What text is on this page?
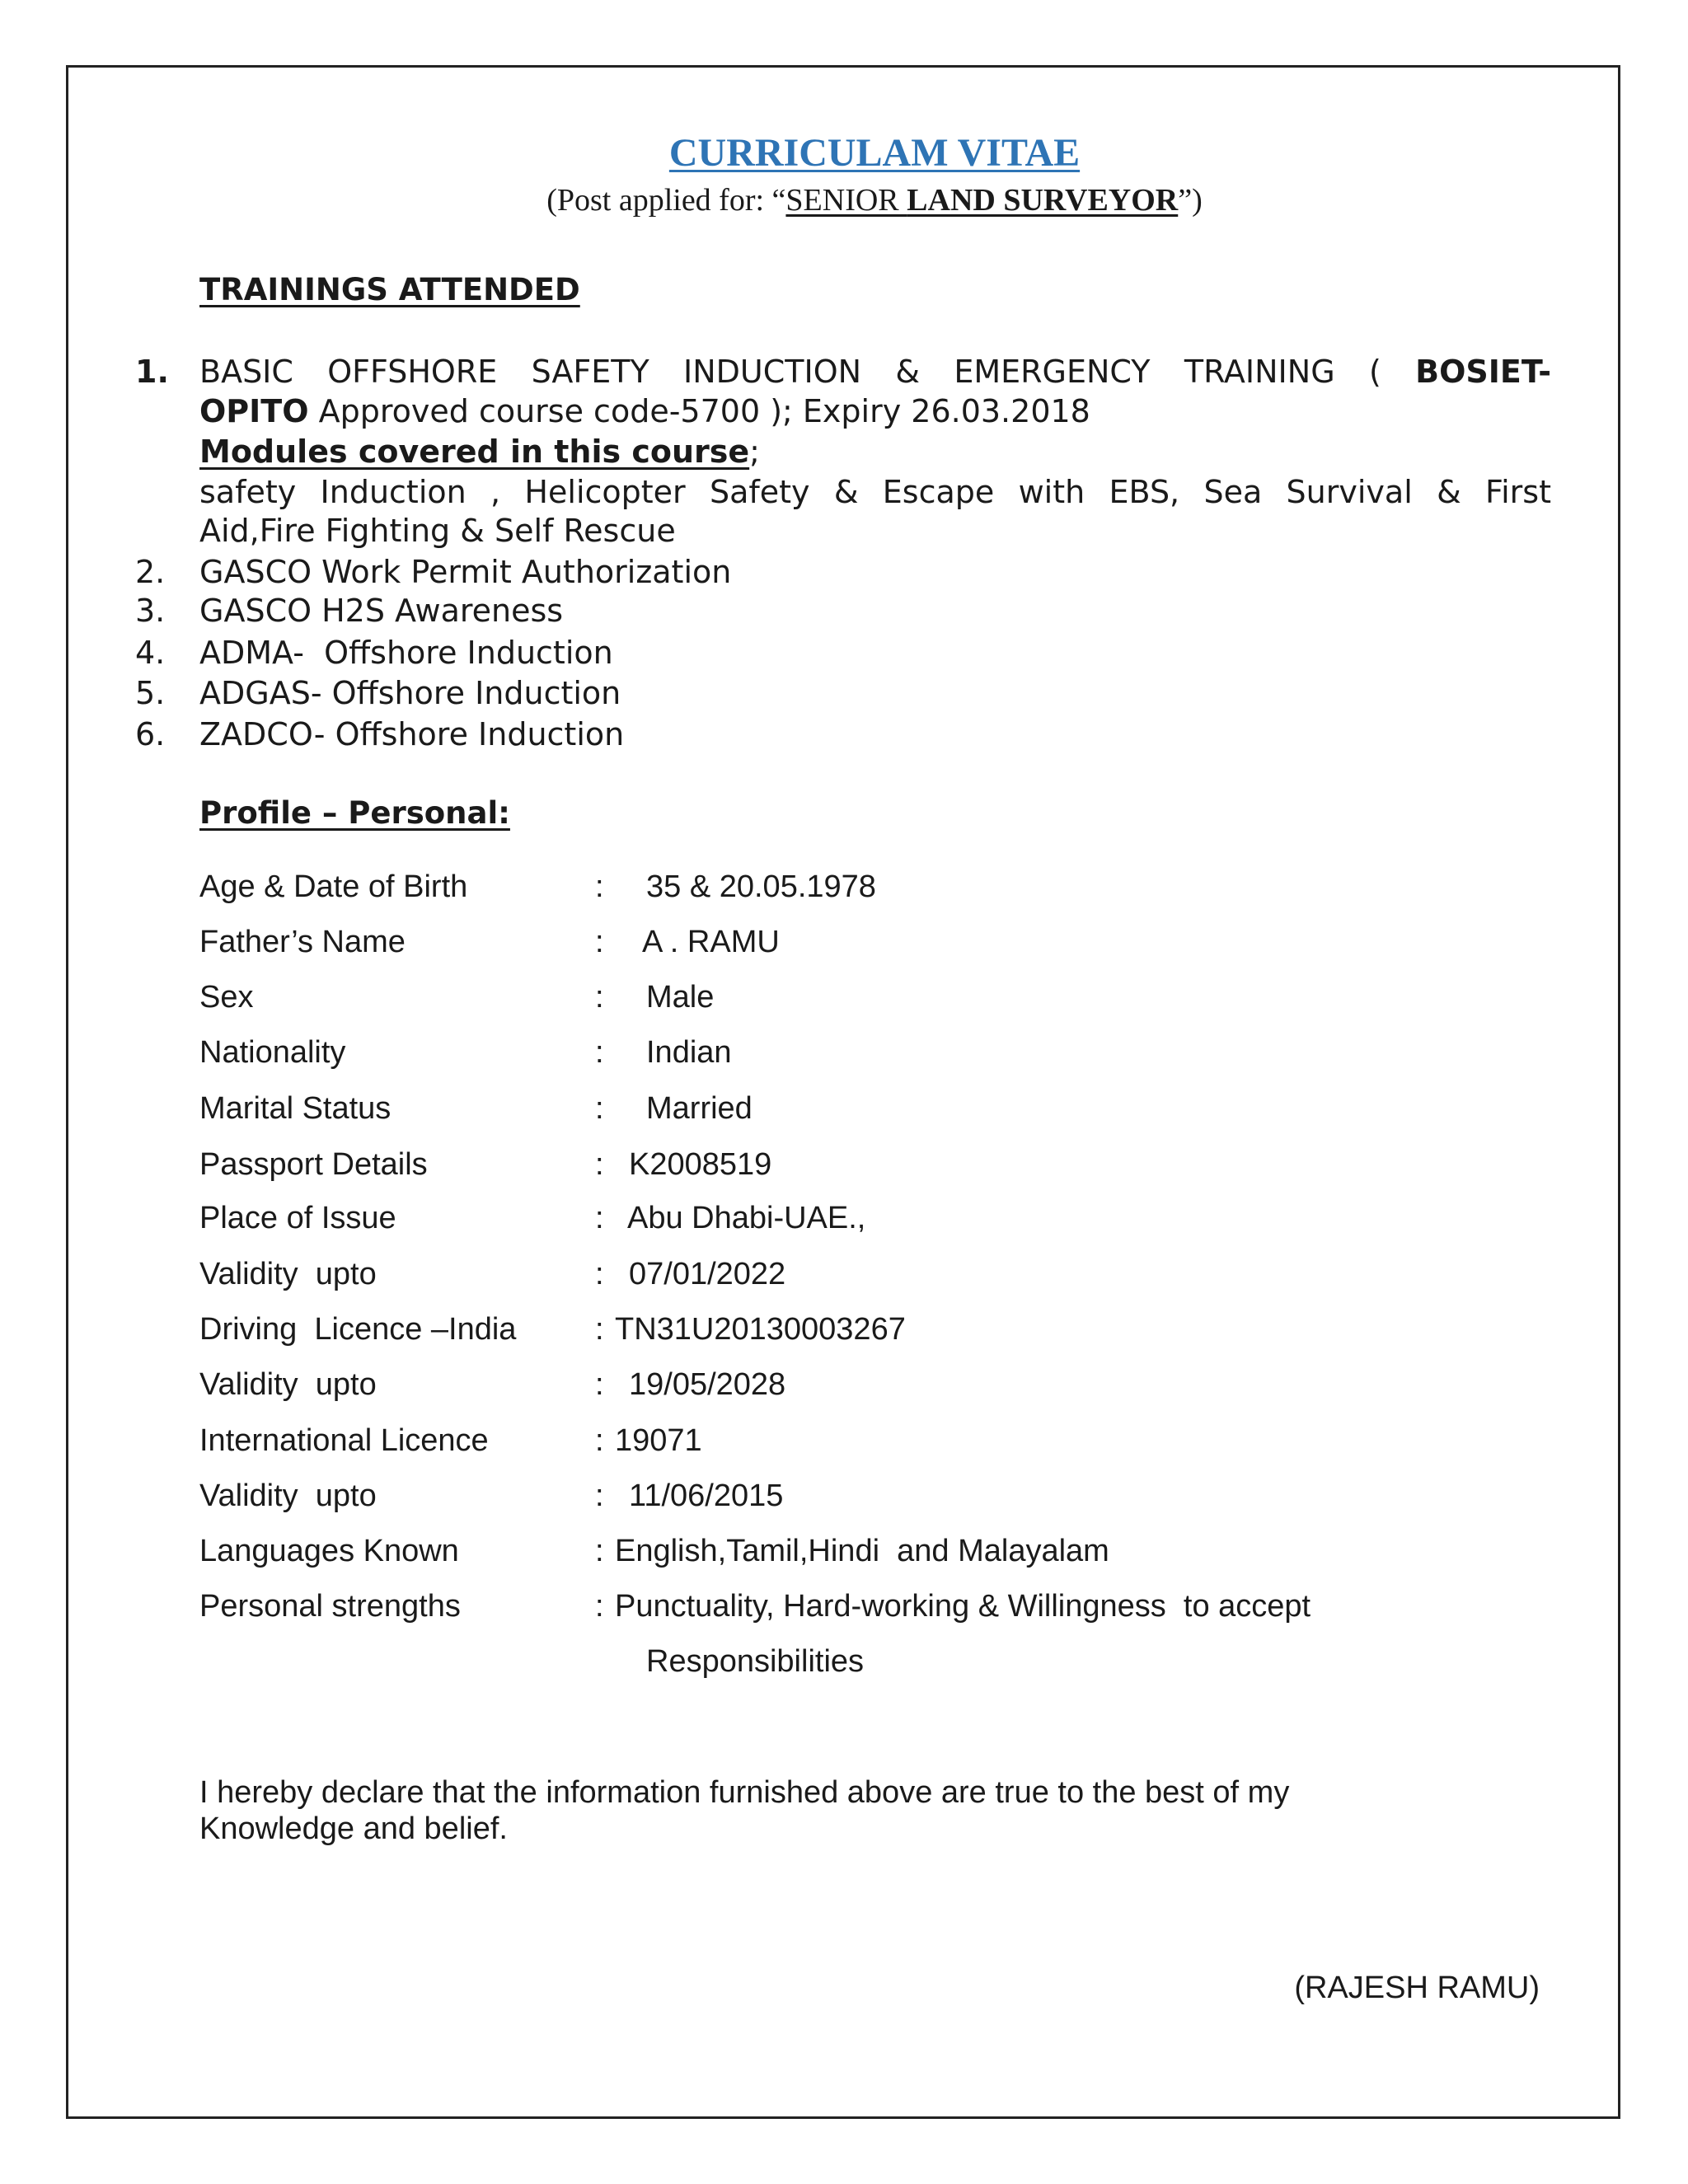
CURRICULAM VITAE
(Post applied for: “SENIOR LAND SURVEYOR”)
TRAININGS ATTENDED
1. BASIC OFFSHORE SAFETY INDUCTION & EMERGENCY TRAINING ( BOSIET-
OPITO Approved course code-5700 ); Expiry 26.03.2018
Modules covered in this course;
safety Induction , Helicopter Safety & Escape with EBS, Sea Survival & First
Aid,Fire Fighting & Self Rescue
2. GASCO Work Permit Authorization
3. GASCO H2S Awareness
4. ADMA-  Offshore Induction
5. ADGAS- Offshore Induction
6. ZADCO- Offshore Induction
Profile – Personal:
Age & Date of Birth	: 35 & 20.05.1978
Father’s Name	: A . RAMU
Sex	: Male
Nationality	: Indian
Marital Status	: Married
Passport Details	: K2008519
Place of Issue	: Abu Dhabi-UAE.,
Validity  upto	: 07/01/2022
Driving  Licence –India	: TN31U20130003267
Validity  upto	: 19/05/2028
International Licence	: 19071
Validity  upto	: 11/06/2015
Languages Known	: English,Tamil,Hindi  and Malayalam
Personal strengths	: Punctuality, Hard-working & Willingness  to accept
Responsibilities
I hereby declare that the information furnished above are true to the best of my
Knowledge and belief.
(RAJESH RAMU)
